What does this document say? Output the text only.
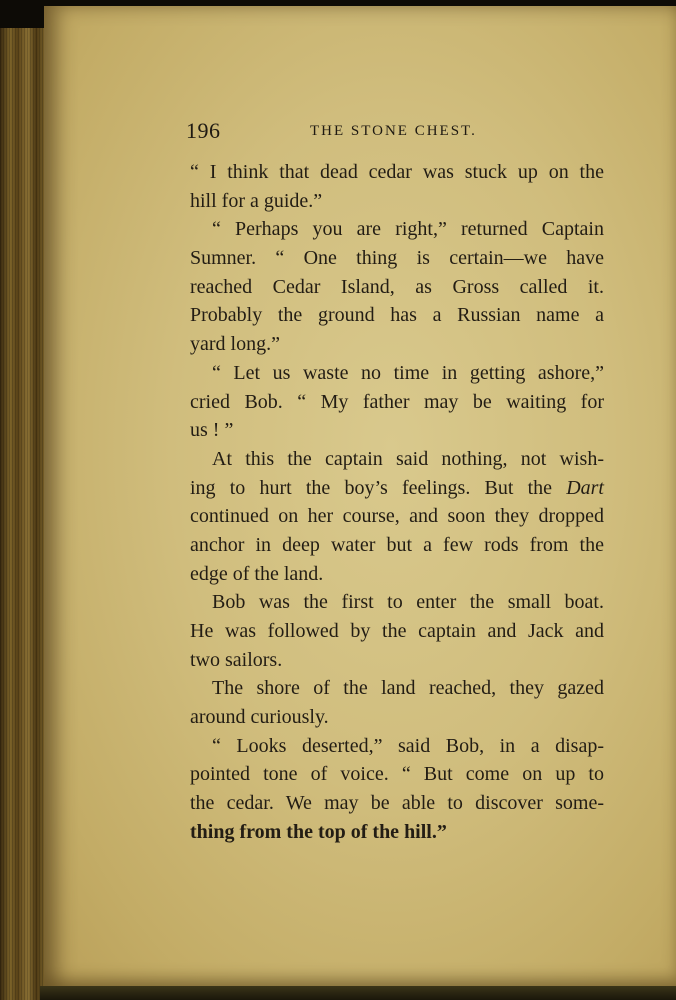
196	THE STONE CHEST.
“ I think that dead cedar was stuck up on the
hill for a guide.”
“ Perhaps you are right,” returned Captain
Sumner. “ One thing is certain—we have
reached Cedar Island, as Gross called it.
Probably the ground has a Russian name a
yard long.”
“ Let us waste no time in getting ashore,”
cried Bob. “ My father may be waiting for
us ! ”
At this the captain said nothing, not wish-
ing to hurt the boy’s feelings. But the Dart
continued on her course, and soon they dropped
anchor in deep water but a few rods from the
edge of the land.
Bob was the first to enter the small boat.
He was followed by the captain and Jack and
two sailors.
The shore of the land reached, they gazed
around curiously.
“ Looks deserted,” said Bob, in a disap-
pointed tone of voice. “ But come on up to
the cedar. We may be able to discover some-
thing from the top of the hill.”
